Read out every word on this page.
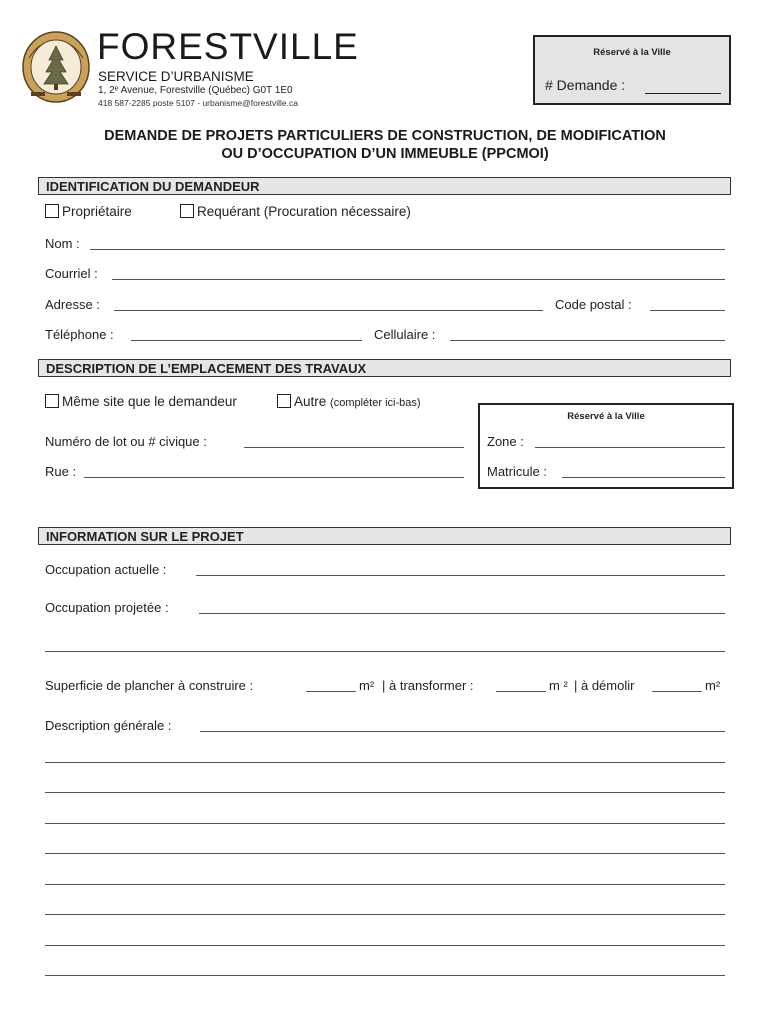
FORESTVILLE
SERVICE D’URBANISME
1, 2ᵉ Avenue, Forestville (Québec) G0T 1E0
418 587-2285 poste 5107 - urbanisme@forestville.ca
Réservé à la Ville
# Demande :
DEMANDE DE PROJETS PARTICULIERS DE CONSTRUCTION, DE MODIFICATION
OU D’OCCUPATION D’UN IMMEUBLE (PPCMOI)
IDENTIFICATION DU DEMANDEUR
Propriétaire	Requérant (Procuration nécessaire)
Nom :
Courriel :
Adresse :	Code postal :
Téléphone :	Cellulaire :
DESCRIPTION DE L’EMPLACEMENT DES TRAVAUX
Même site que le demandeur	Autre (compléter ici-bas)
Numéro de lot ou # civique :
Rue :
Réservé à la Ville
Zone :
Matricule :
INFORMATION SUR LE PROJET
Occupation actuelle :
Occupation projetée :
Superficie de plancher à construire :	m² | à transformer :	m ² | à démolir	m²
Description générale :
